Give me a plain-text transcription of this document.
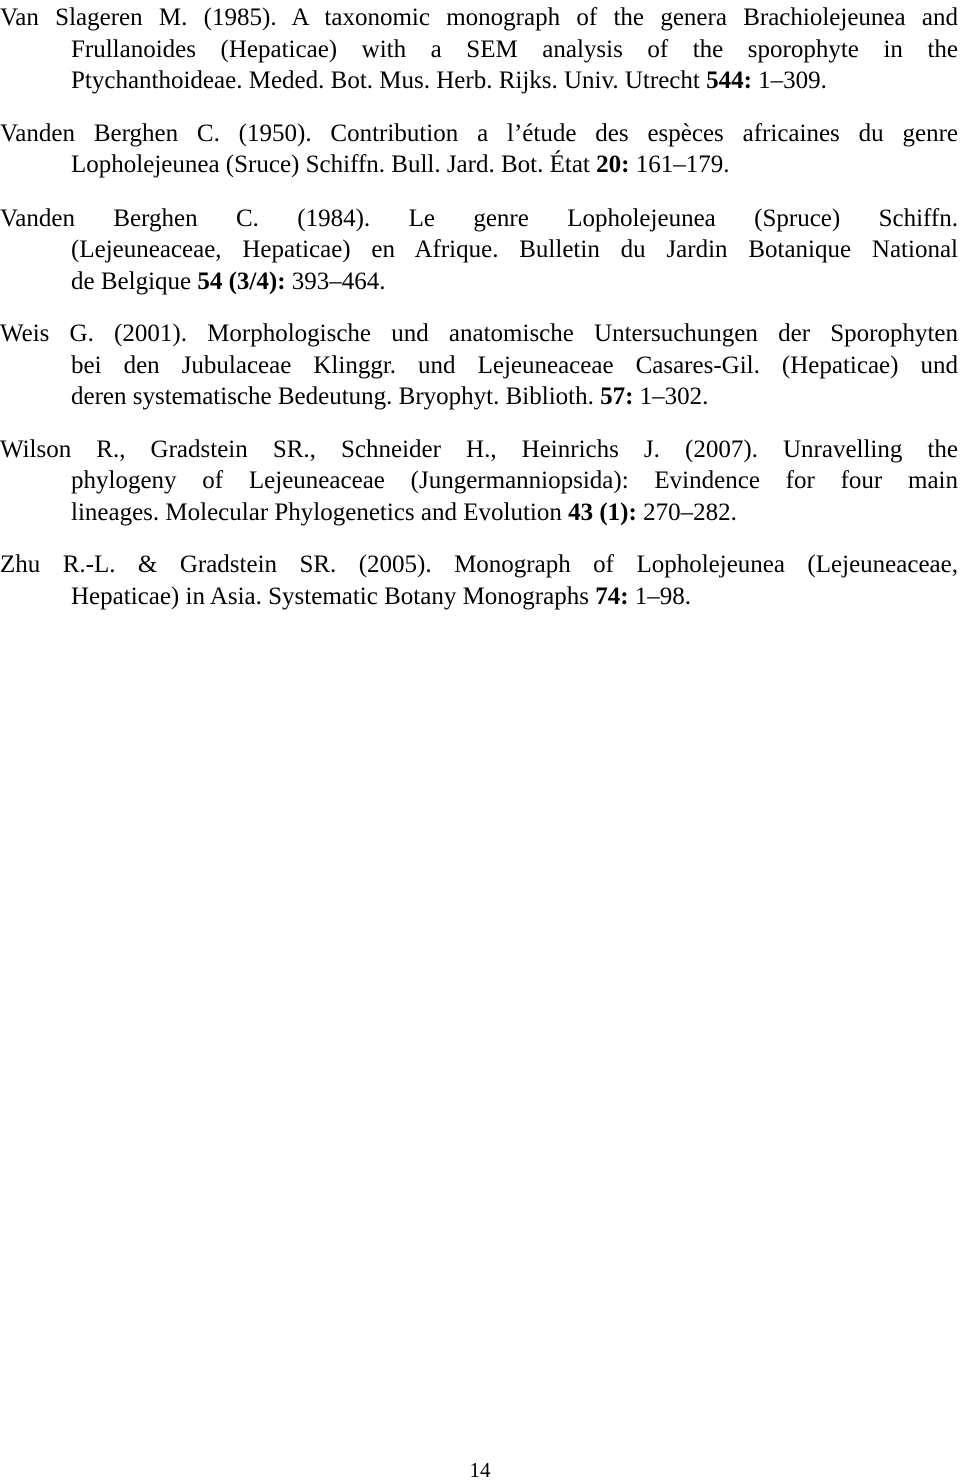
Van Slageren M. (1985). A taxonomic monograph of the genera Brachiolejeunea and
Frullanoides (Hepaticae) with a SEM analysis of the sporophyte in the
Ptychanthoideae. Meded. Bot. Mus. Herb. Rijks. Univ. Utrecht 544: 1–309.
Vanden Berghen C. (1950). Contribution a l’étude des espèces africaines du genre
Lopholejeunea (Sruce) Schiffn. Bull. Jard. Bot. État 20: 161–179.
Vanden Berghen C. (1984). Le genre Lopholejeunea (Spruce) Schiffn.
(Lejeuneaceae, Hepaticae) en Afrique. Bulletin du Jardin Botanique National
de Belgique 54 (3/4): 393–464.
Weis G. (2001). Morphologische und anatomische Untersuchungen der Sporophyten
bei den Jubulaceae Klinggr. und Lejeuneaceae Casares-Gil. (Hepaticae) und
deren systematische Bedeutung. Bryophyt. Biblioth. 57: 1–302.
Wilson R., Gradstein SR., Schneider H., Heinrichs J. (2007). Unravelling the
phylogeny of Lejeuneaceae (Jungermanniopsida): Evindence for four main
lineages. Molecular Phylogenetics and Evolution 43 (1): 270–282.
Zhu R.-L. & Gradstein SR. (2005). Monograph of Lopholejeunea (Lejeuneaceae,
Hepaticae) in Asia. Systematic Botany Monographs 74: 1–98.
14
